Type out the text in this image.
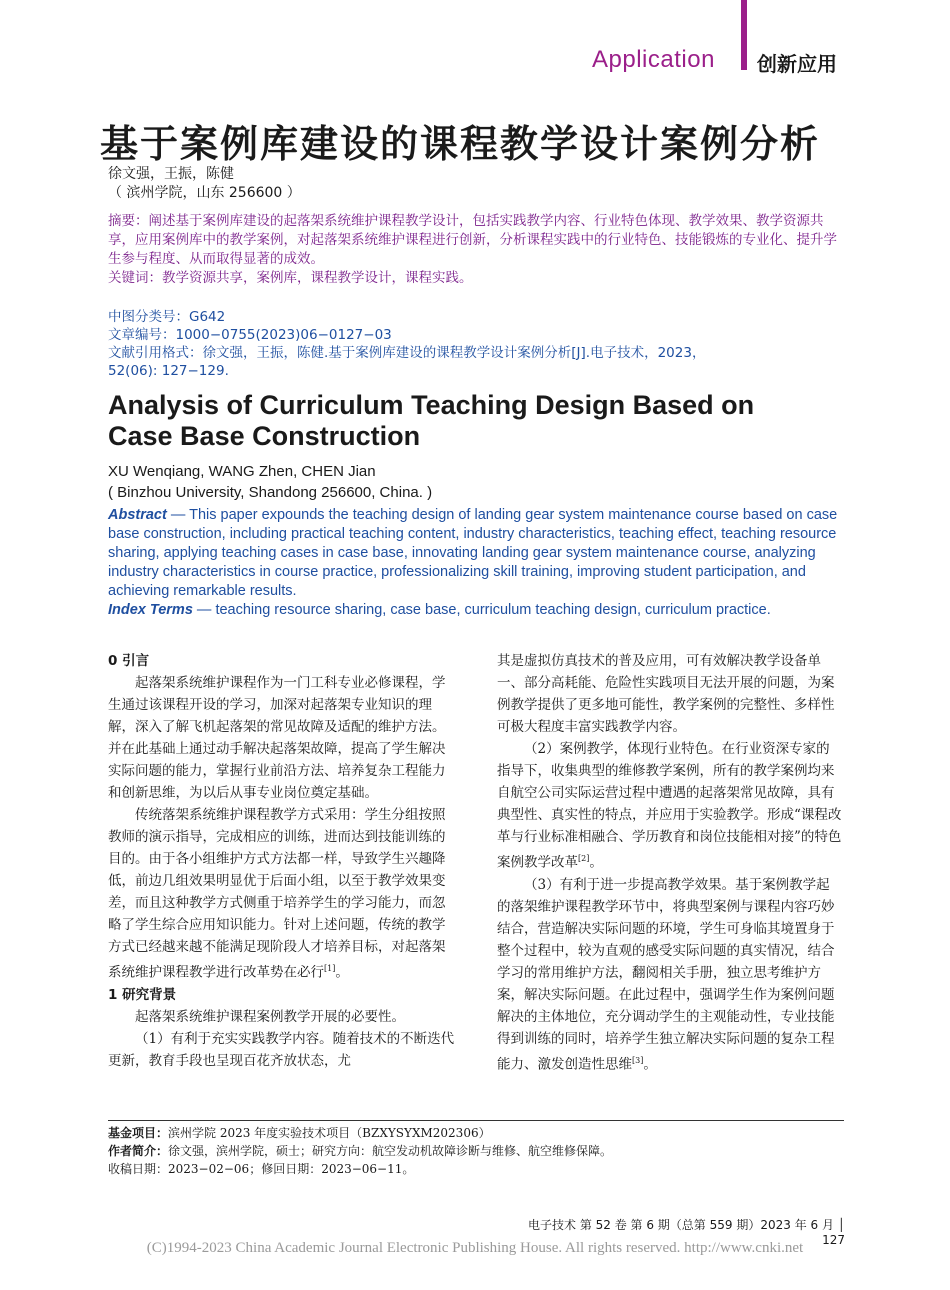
Application 创新应用
基于案例库建设的课程教学设计案例分析
徐文强，王振，陈健
（ 滨州学院，山东 256600 ）
摘要：阐述基于案例库建设的起落架系统维护课程教学设计，包括实践教学内容、行业特色体现、教学效果、教学资源共享，应用案例库中的教学案例，对起落架系统维护课程进行创新，分析课程实践中的行业特色、技能锻炼的专业化、提升学生参与程度、从而取得显著的成效。
关键词：教学资源共享，案例库，课程教学设计，课程实践。
中图分类号：G642
文章编号：1000−0755(2023)06−0127−03
文献引用格式：徐文强，王振，陈健.基于案例库建设的课程教学设计案例分析[J].电子技术，2023，
52(06): 127−129.
Analysis of Curriculum Teaching Design Based on
Case Base Construction
XU Wenqiang, WANG Zhen, CHEN Jian
( Binzhou University, Shandong 256600, China. )
Abstract — This paper expounds the teaching design of landing gear system maintenance course based on case base construction, including practical teaching content, industry characteristics, teaching effect, teaching resource sharing, applying teaching cases in case base, innovating landing gear system maintenance course, analyzing industry characteristics in course practice, professionalizing skill training, improving student participation, and achieving remarkable results.
Index Terms — teaching resource sharing, case base, curriculum teaching design, curriculum practice.

0 引言

起落架系统维护课程作为一门工科专业必修课程，学生通过该课程开设的学习，加深对起落架专业知识的理解，深入了解飞机起落架的常见故障及适配的维护方法。并在此基础上通过动手解决起落架故障，提高了学生解决实际问题的能力，掌握行业前沿方法、培养复杂工程能力和创新思维，为以后从事专业岗位奠定基础。

传统落架系统维护课程教学方式采用：学生分组按照教师的演示指导，完成相应的训练，进而达到技能训练的目的。由于各小组维护方式方法都一样，导致学生兴趣降低，前边几组效果明显优于后面小组，以至于教学效果变差，而且这种教学方式侧重于培养学生的学习能力，而忽略了学生综合应用知识能力。针对上述问题，传统的教学方式已经越来越不能满足现阶段人才培养目标，对起落架系统维护课程教学进行改革势在必行[1]。

1 研究背景

起落架系统维护课程案例教学开展的必要性。

（1）有利于充实实践教学内容。随着技术的不断迭代更新，教育手段也呈现百花齐放状态，尤

其是虚拟仿真技术的普及应用，可有效解决教学设备单一、部分高耗能、危险性实践项目无法开展的问题，为案例教学提供了更多地可能性，教学案例的完整性、多样性可极大程度丰富实践教学内容。

（2）案例教学，体现行业特色。在行业资深专家的指导下，收集典型的维修教学案例，所有的教学案例均来自航空公司实际运营过程中遭遇的起落架常见故障，具有典型性、真实性的特点，并应用于实验教学。形成“课程改革与行业标准相融合、学历教育和岗位技能相对接”的特色案例教学改革[2]。

（3）有利于进一步提高教学效果。基于案例教学起的落架维护课程教学环节中，将典型案例与课程内容巧妙结合，营造解决实际问题的环境，学生可身临其境置身于整个过程中，较为直观的感受实际问题的真实情况，结合学习的常用维护方法，翻阅相关手册，独立思考维护方案，解决实际问题。在此过程中，强调学生作为案例问题解决的主体地位，充分调动学生的主观能动性，专业技能得到训练的同时，培养学生独立解决实际问题的复杂工程能力、激发创造性思维[3]。

基金项目：滨州学院 2023 年度实验技术项目（BZXYSYXM202306）
作者简介：徐文强，滨州学院，硕士；研究方向：航空发动机故障诊断与维修、航空维修保障。
收稿日期：2023−02−06；修回日期：2023−06−11。
电子技术 第 52 卷 第 6 期（总第 559 期）2023 年 6 月 │ 127
(C)1994-2023 China Academic Journal Electronic Publishing House. All rights reserved. http://www.cnki.net
